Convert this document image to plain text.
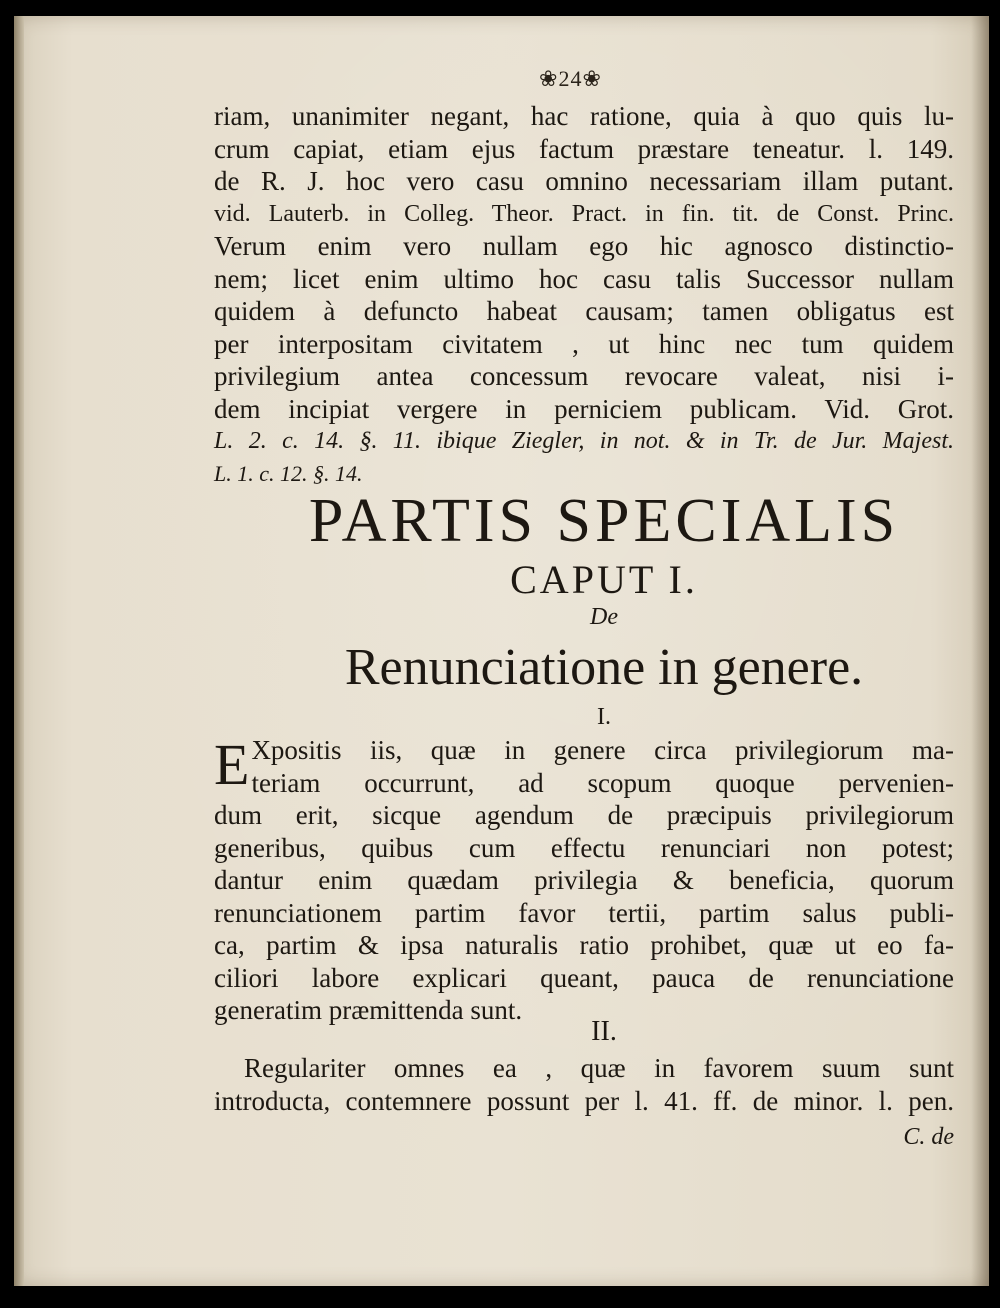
❀24❀
riam, unanimiter negant, hac ratione, quia à quo quis lu-
crum capiat, etiam ejus factum præstare teneatur. l. 149.
de R. J. hoc vero casu omnino necessariam illam putant.
vid. Lauterb. in Colleg. Theor. Pract. in fin. tit. de Const. Princ.
Verum enim vero nullam ego hic agnosco distinctio-
nem; licet enim ultimo hoc casu talis Successor nullam
quidem à defuncto habeat causam; tamen obligatus est
per interpositam civitatem , ut hinc nec tum quidem
privilegium antea concessum revocare valeat, nisi i-
dem incipiat vergere in perniciem publicam. Vid. Grot.
L. 2. c. 14. §. 11. ibique Ziegler, in not. & in Tr. de Jur. Majest.
L. 1. c. 12. §. 14.
PARTIS SPECIALIS
CAPUT I.
De
Renunciatione in genere.
I.
E Xpositis iis, quæ in genere circa privilegiorum ma-
teriam occurrunt, ad scopum quoque pervenien-
dum erit, sicque agendum de præcipuis privilegiorum
generibus, quibus cum effectu renunciari non potest;
dantur enim quædam privilegia & beneficia, quorum
renunciationem partim favor tertii, partim salus publi-
ca, partim & ipsa naturalis ratio prohibet, quæ ut eo fa-
ciliori labore explicari queant, pauca de renunciatione
generatim præmittenda sunt.
II.
Regulariter omnes ea , quæ in favorem suum sunt
introducta, contemnere possunt per l. 41. ff. de minor. l. pen.
C. de
